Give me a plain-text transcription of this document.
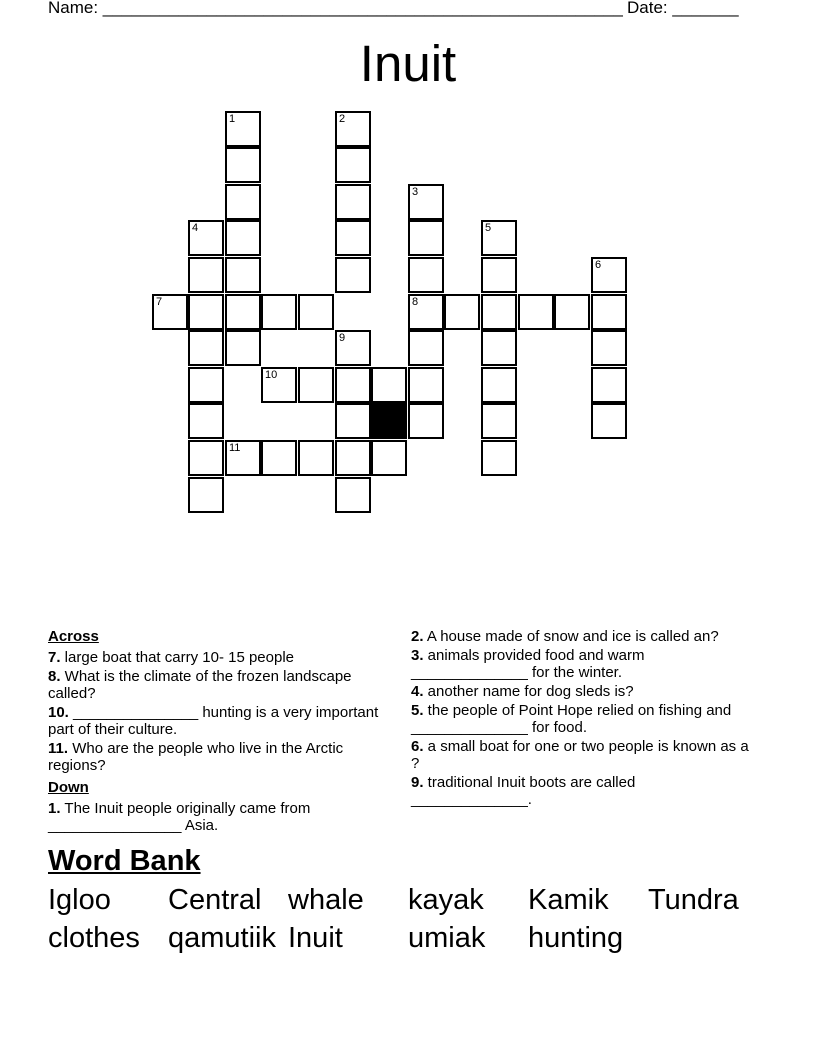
Name: _______________________________________________________ Date: _______
Inuit
1	2
3
4	5
6
7	8
9
10
11
Across
7. large boat that carry 10- 15 people
8. What is the climate of the frozen landscape called?
10. _______________ hunting is a very important part of their culture.
11. Who are the people who live in the Arctic regions?
Down
1. The Inuit people originally came from ________________ Asia.
2. A house made of snow and ice is called an?
3. animals provided food and warm ______________ for the winter.
4. another name for dog sleds is?
5. the people of Point Hope relied on fishing and ______________ for food.
6. a small boat for one or two people is known as a ?
9. traditional Inuit boots are called ______________.
Word Bank
Igloo Central whale kayak Kamik Tundra
clothes qamutiik Inuit umiak hunting
